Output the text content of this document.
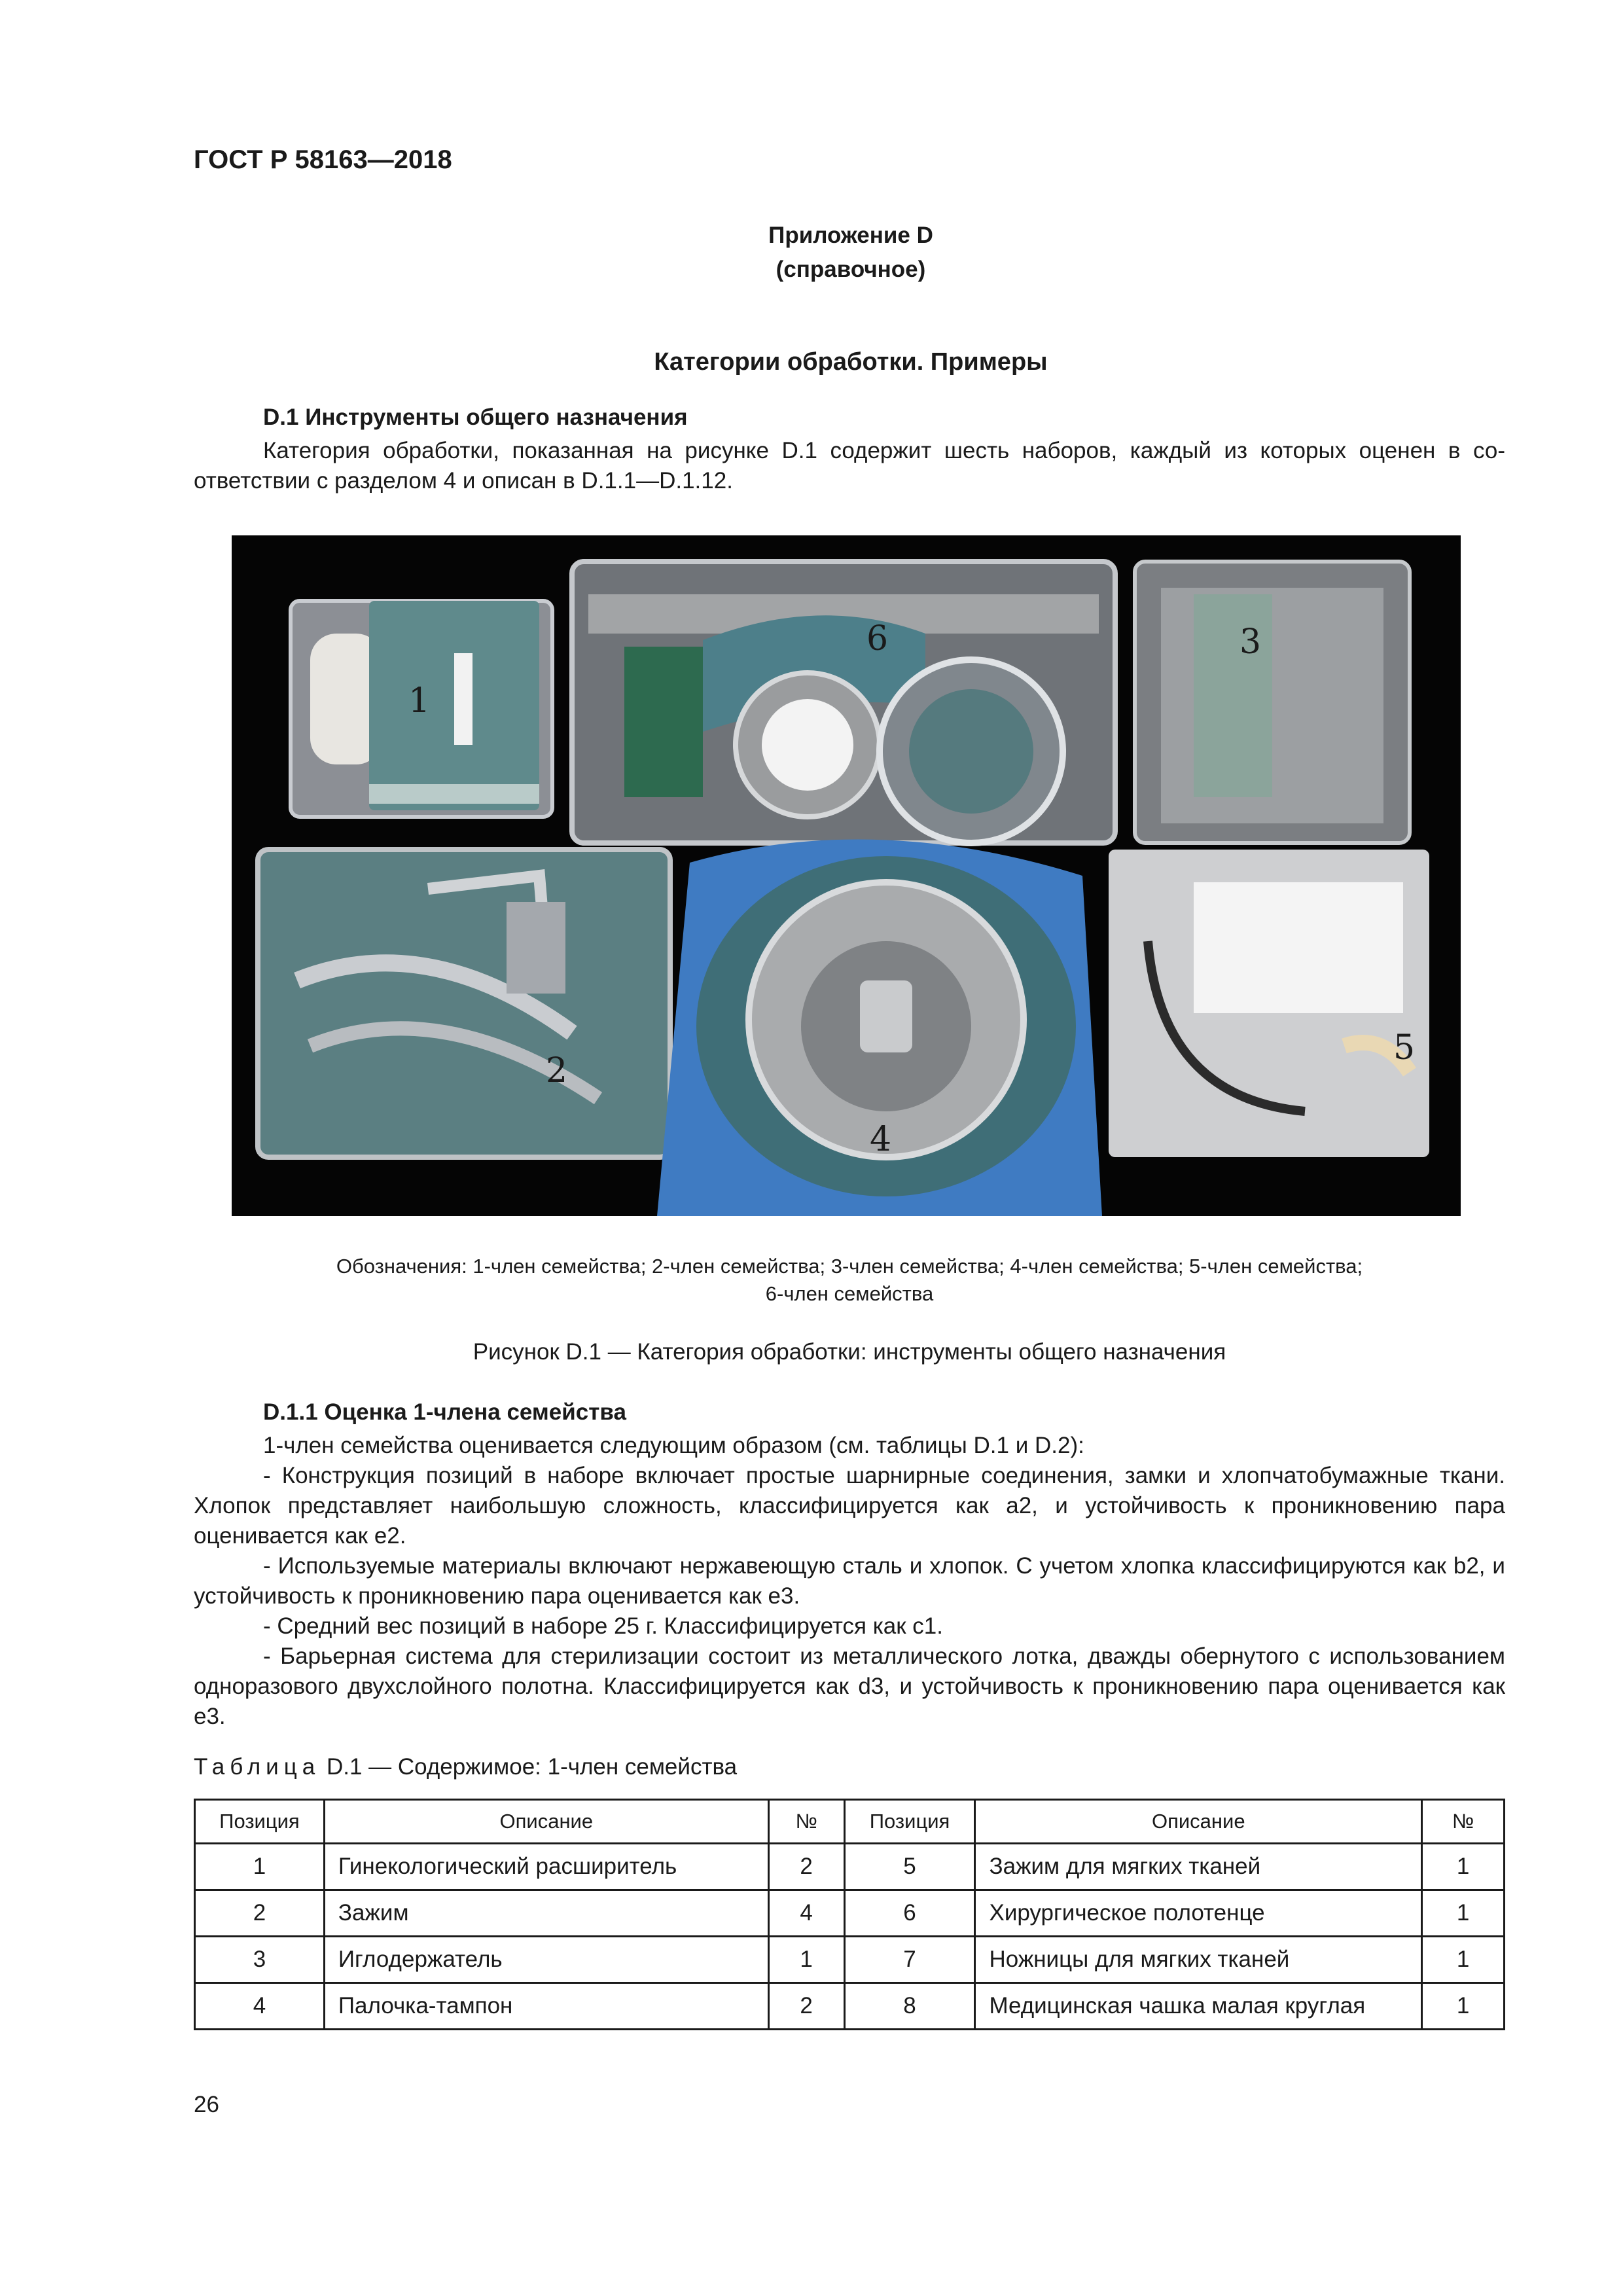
ГОСТ Р 58163—2018
Приложение D
(справочное)
Категории обработки. Примеры
D.1 Инструменты общего назначения

Категория обработки, показанная на рисунке D.1 содержит шесть наборов, каждый из которых оценен в соответствии с разделом 4 и описан в D.1.1—D.1.12.

1
2
3
4
5
6
Обозначения: 1-член семейства; 2-член семейства; 3-член семейства; 4-член семейства; 5-член семейства;
6-член семейства
Рисунок D.1 — Категория обработки: инструменты общего назначения
D.1.1 Оценка 1-члена семейства

1-член семейства оценивается следующим образом (см. таблицы D.1 и D.2):

- Конструкция позиций в наборе включает простые шарнирные соединения, замки и хлопчатобумажные ткани. Хлопок представляет наибольшую сложность, классифицируется как a2, и устойчивость к проникновению пара оценивается как e2.

- Используемые материалы включают нержавеющую сталь и хлопок. С учетом хлопка классифицируются как b2, и устойчивость к проникновению пара оценивается как e3.

- Средний вес позиций в наборе 25 г. Классифицируется как c1.

- Барьерная система для стерилизации состоит из металлического лотка, дважды обернутого с использованием одноразового двухслойного полотна. Классифицируется как d3, и устойчивость к проникновению пара оценивается как e3.

Таблица D.1 — Содержимое: 1-член семейства
Позиция	Описание	№	Позиция	Описание	№
1	Гинекологический расширитель	2	5	Зажим для мягких тканей	1
2	Зажим	4	6	Хирургическое полотенце	1
3	Иглодержатель	1	7	Ножницы для мягких тканей	1
4	Палочка-тампон	2	8	Медицинская чашка малая круглая	1
26
